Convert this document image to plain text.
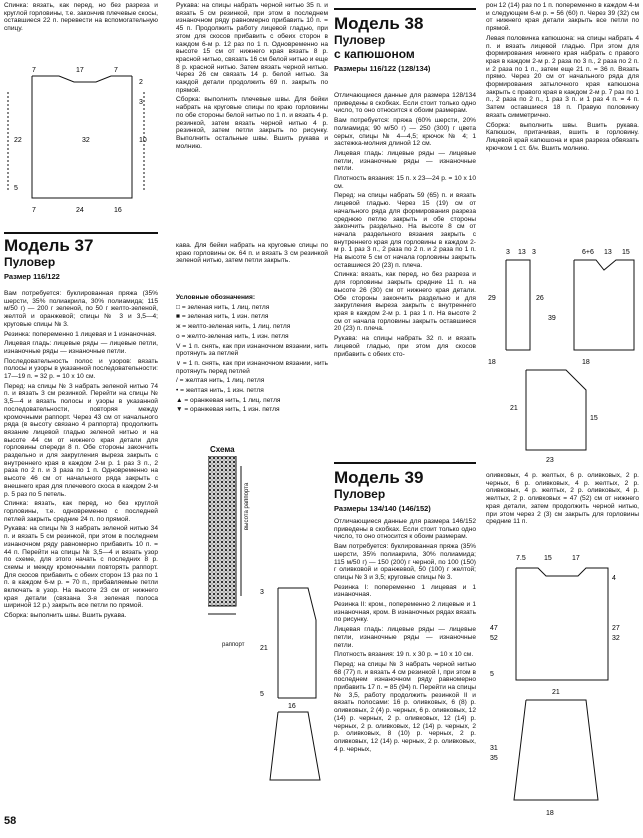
Спинка: вязать, как перед, но без разреза и круглой горловины, т.е. закончив плечевые скосы, оставшиеся 22 п. перевести на вспомогательную спицу.

7	17	7
2
3
22	32	10
5
7	24	16
Модель 37
Пуловер
Размер 116/122

Вам потребуется: буклированная пряжа (35% шерсти, 35% полиакрила, 30% полиамида; 115 м/50 г) — 200 г зеленой, по 50 г желто-зеленой, желтой и оранжевой; спицы № 3 и 3,5—4; круговые спицы № 3.

Резинка: попеременно 1 лицевая и 1 изнаночная.

Лицевая гладь: лицевые ряды — лицевые петли, изнаночные ряды — изнаночные петли.

Последовательность полос и узоров: вязать полосы и узоры в указанной последовательности: 17—19 п. = 32 р. = 10 х 10 см.

Перед: на спицы № 3 набрать зеленой нитью 74 п. и вязать 3 см резинкой. Перейти на спицы № 3,5—4 и вязать полосы и узоры в указанной последовательности, повторяя между кромочными раппорт. Через 43 см от начального ряда (в высоту связано 4 раппорта) продолжить вязание лицевой гладью зеленой нитью и на высоте 44 см от нижнего края детали для горловины спереди 8 п. Обе стороны закончить раздельно и для закругления выреза закрыть с внутреннего края в каждом 2-м р. 1 раз 3 п., 2 раза по 2 п. и 3 раза по 1 п. Одновременно на высоте 46 см от начального ряда закрыть с внешнего края для плечевого скоса в каждом 2-м р. 5 раз по 5 петель.

Спинка: вязать, как перед, но без круглой горловины, т.е. одновременно с последней петлей закрыть средние 24 п. по прямой.

Рукава: на спицы № 3 набрать зеленой нитью 34 п. и вязать 5 см резинкой, при этом в последнем изнаночном ряду равномерно прибавить 10 п. = 44 п. Перейти на спицы № 3,5—4 и вязать узор по схеме, для этого начать с последних 8 р. схемы и между кромочными повторять раппорт. Для скосов прибавить с обеих сторон 13 раз по 1 п. в каждом 6-м р. = 70 п., прибавляемые петли включать в узор. На высоте 23 см от нижнего края детали (связана 3-я зеленая полоса шириной 12 р.) закрыть все петли по прямой.

Сборка: выполнить швы. Вшить рукава.

58

Рукава: на спицы набрать черной нитью 35 п. и вязать 5 см резинкой, при этом в последнем изнаночном ряду равномерно прибавить 10 п. = 45 п. Продолжить работу лицевой гладью, при этом для скосов прибавить с обеих сторон в каждом 6-м р. 12 раз по 1 п. Одновременно на высоте 15 см от нижнего края вязать 8 р. красной нитью, связать 16 см белой нитью и еще 8 р. красной нитью. Затем вязать черной нитью. Через 26 см связать 14 р. белой нитью. За каждой детали продолжить 69 п. закрыть по прямой.

Сборка: выполнить плечевые швы. Для бейки набрать на круговые спицы по краю горловины по обе стороны белой нитью по 1 п. и вязать 4 р. резинкой, затем вязать черной нитью 4 р. резинкой, затем петли закрыть по рисунку. Выполнить остальные швы. Вшить рукава и молнию.

кава. Для бейки набрать на круговые спицы по краю горловины ок. 64 п. и вязать 3 см резинкой зеленой нитью, затем петли закрыть.

Условные обозначения:

□ = зеленая нить, 1 лиц. петля

■ = зеленая нить, 1 изн. петля

ж = желто-зеленая нить, 1 лиц. петля

о = желто-зеленая нить, 1 изн. петля

V = 1 п. снять, как при изнаночном вязании, нить протянуть за петлей

∨ = 1 п. снять, как при изнаночном вязании, нить протянуть перед петлей

/ = желтая нить, 1 лиц. петля

• = желтая нить, 1 изн. петля

▲ = оранжевая нить, 1 лиц. петля

▼ = оранжевая нить, 1 изн. петля

Схема
раппорт
высота раппорта
3
21
5
16
Модель 38
Пуловер
с капюшоном
Размеры 116/122 (128/134)

Отличающиеся данные для размера 128/134 приведены в скобках. Если стоит только одно число, то оно относится к обоим размерам.

Вам потребуется: пряжа (60% шерсти, 20% полиамида; 90 м/50 г) — 250 (300) г цвета серых, спицы № 4—4,5; крючок № 4; 1 застежка-молния длиной 12 см.

Лицевая гладь: лицевые ряды — лицевые петли, изнаночные ряды — изнаночные петли.

Плотность вязания: 15 п. х 23—24 р. = 10 х 10 см.

Перед: на спицы набрать 59 (65) п. и вязать лицевой гладью. Через 15 (19) см от начального ряда для формирования разреза среднюю петлю закрыть и обе стороны закончить раздельно. На высоте 8 см от начала раздельного вязания закрыть с внутреннего края для горловины в каждом 2-м р. 1 раз 3 п., 2 раза по 2 п. и 2 раза по 1 п. На высоте 5 см от начала горловины закрыть оставшиеся 20 (23) п. плеча.

Спинка: вязать, как перед, но без разреза и для горловины закрыть средние 11 п. на высоте 26 (30) см от нижнего края детали. Обе стороны закончить раздельно и для закругления выреза закрыть с внутреннего края в каждом 2-м р. 1 раз 1 п. На высоте 2 см от начала горловины закрыть оставшиеся 20 (23) п. плеча.

Рукава: на спицы набрать 32 п. и вязать лицевой гладью, при этом для скосов прибавить с обеих сто-

Модель 39
Пуловер
Размеры 134/140 (146/152)

Отличающиеся данные для размера 146/152 приведены в скобках. Если стоит только одно число, то оно относится к обоим размерам.

Вам потребуется: буклированная пряжа (35% шерсти, 35% полиакрила, 30% полиамида; 115 м/50 г) — 150 (200) г черной, по 100 (150) г оливковой и оранжевой, 50 (100) г желтой; спицы № 3 и 3,5; круговые спицы № 3.

Резинка I: попеременно 1 лицевая и 1 изнаночная.

Резинка II: кром., попеременно 2 лицевые и 1 изнаночная, кром. В изнаночных рядах вязать по рисунку.

Лицевая гладь: лицевые ряды — лицевые петли, изнаночные ряды — изнаночные петли.

Плотность вязания: 19 п. х 30 р. = 10 х 10 см.

Перед: на спицы № 3 набрать черной нитью 68 (77) п. и вязать 4 см резинкой I, при этом в последнем изнаночном ряду равномерно прибавить 17 п. = 85 (94) п. Перейти на спицы № 3,5, работу продолжить резинкой II и вязать полосами: 16 р. оливковых, 6 (8) р. оливковых, 2 (4) р. черных, 6 р. оливковых, 12 (14) р. черных, 2 р. оливковых, 12 (14) р. черных, 2 р. оливковых, 12 (14) р. черных, 2 р. оливковых, 8 (10) р. черных, 2 р. оливковых, 12 (14) р. черных, 2 р. оливковых, 4 р. черных,

рон 12 (14) раз по 1 п. попеременно в каждом 4-м и следующем 6-м р. = 56 (60) п. Через 39 (32) см от нижнего края детали закрыть все петли по прямой.

Левая половинка капюшона: на спицы набрать 4 п. и вязать лицевой гладью. При этом для формирования нижнего края набрать с правого края в каждом 2-м р. 2 раза по 3 п., 2 раза по 2 п. и 2 раза по 1 п., затем еще 21 п. = 36 п. Вязать прямо. Через 20 см от начального ряда для формирования затылочного края капюшона закрыть с правого края в каждом 2-м р. 7 раз по 1 п., 2 раза по 2 п., 1 раз 3 п. и 1 раз 4 п. = 4 п. Затем оставшиеся 18 п. Правую половинку вязать симметрично.

Сборка: выполнить швы. Вшить рукава. Капюшон, притачивая, вшить в горловину. Лицевой край капюшона и края разреза обвязать крючком 1 ст. б/н. Вшить молнию.

3 13 3	6+6 13 15
29	26
39
18	18
21
15
23

оливковых, 4 р. желтых, 6 р. оливковых, 2 р. черных, 6 р. оливковых, 4 р. желтых, 2 р. оливковых, 4 р. желтых, 2 р. оливковых, 4 р. желтых, 2 р. оливковых = 47 (52) см от нижнего края детали, затем продолжить черной нитью, при этом через 2 (3) см закрыть для горловины средние 11 п.

7.5	15	17
4
47
52
27
32
5
21
31
35
18
